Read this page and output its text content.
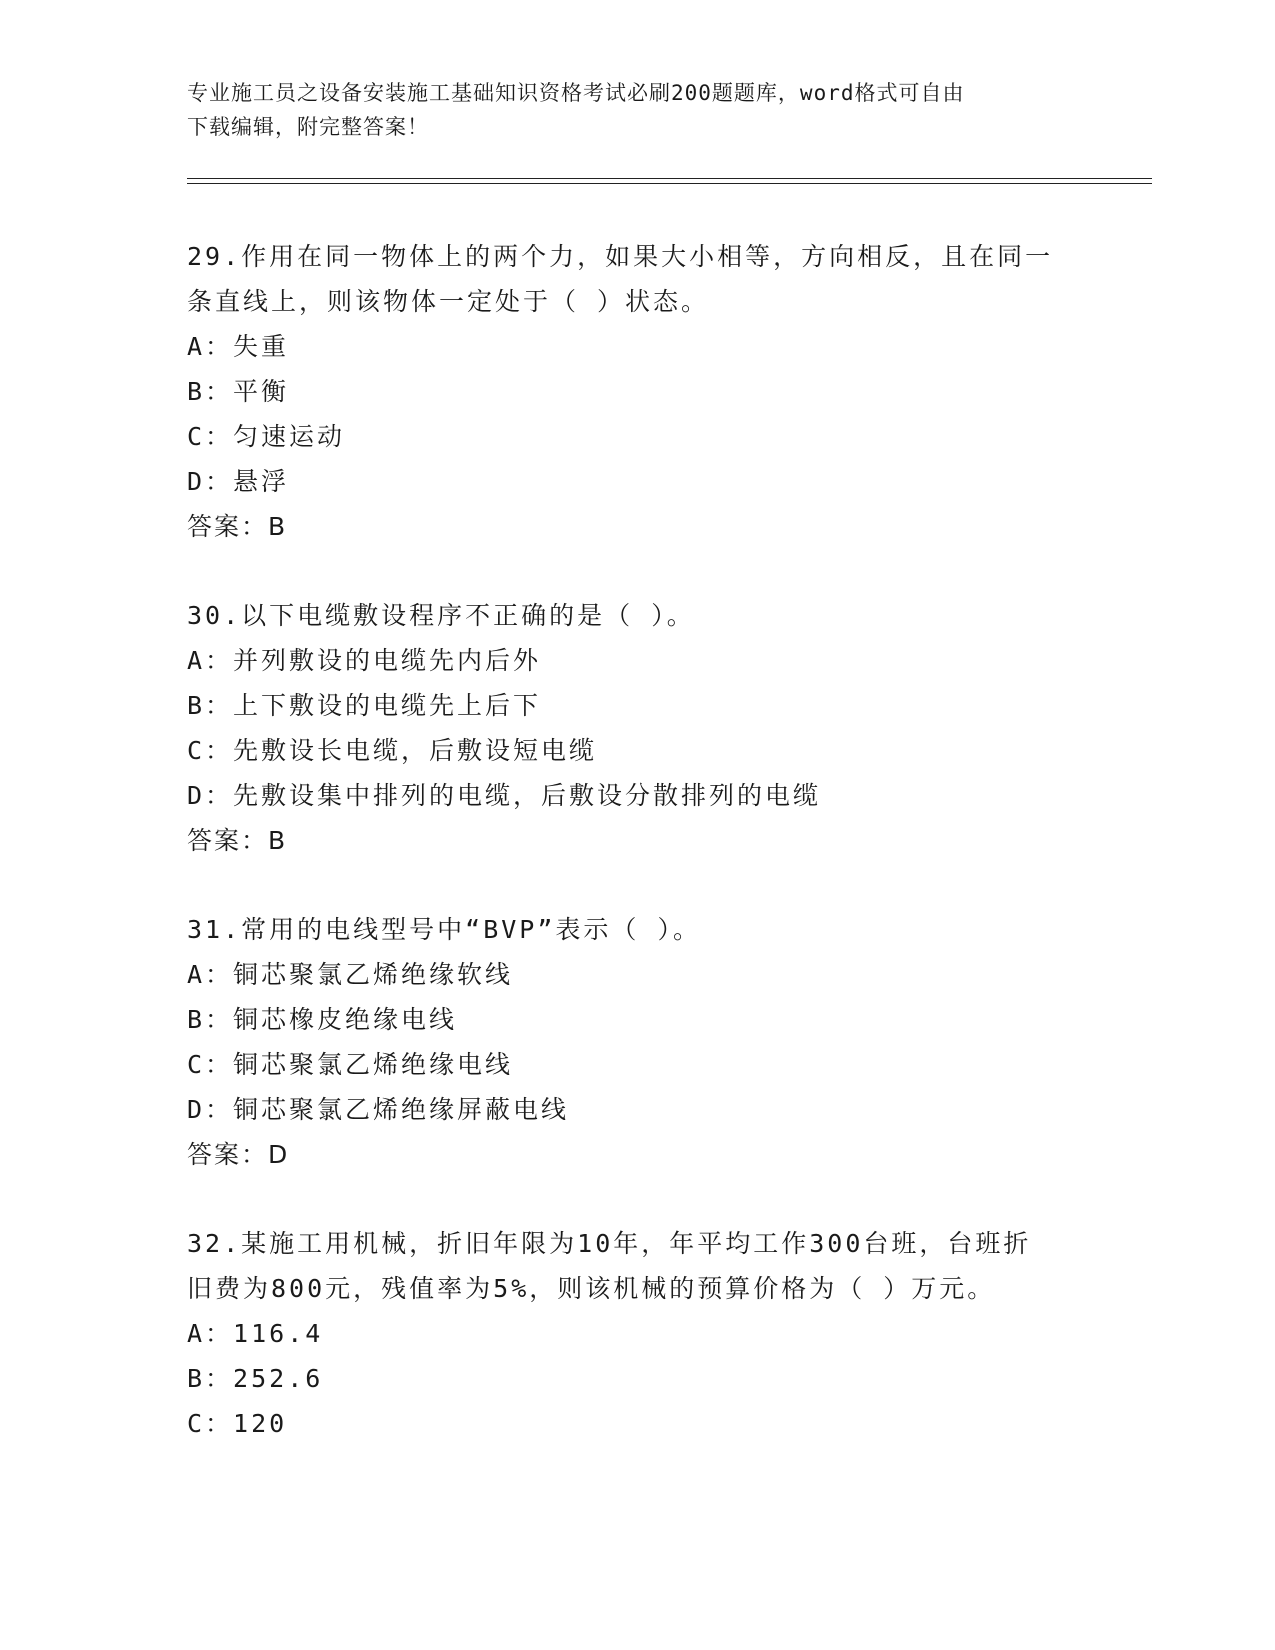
专业施工员之设备安装施工基础知识资格考试必刷200题题库，word格式可自由
下载编辑，附完整答案！

29.作用在同一物体上的两个力，如果大小相等，方向相反，且在同一

条直线上，则该物体一定处于（ ）状态。

A：失重

B：平衡

C：匀速运动

D：悬浮

答案：B

30.以下电缆敷设程序不正确的是（ ）。

A：并列敷设的电缆先内后外

B：上下敷设的电缆先上后下

C：先敷设长电缆，后敷设短电缆

D：先敷设集中排列的电缆，后敷设分散排列的电缆

答案：B

31.常用的电线型号中“BVP”表示（ ）。

A：铜芯聚氯乙烯绝缘软线

B：铜芯橡皮绝缘电线

C：铜芯聚氯乙烯绝缘电线

D：铜芯聚氯乙烯绝缘屏蔽电线

答案：D

32.某施工用机械，折旧年限为10年，年平均工作300台班，台班折

旧费为800元，残值率为5%，则该机械的预算价格为（ ）万元。

A：116.4

B：252.6

C：120
